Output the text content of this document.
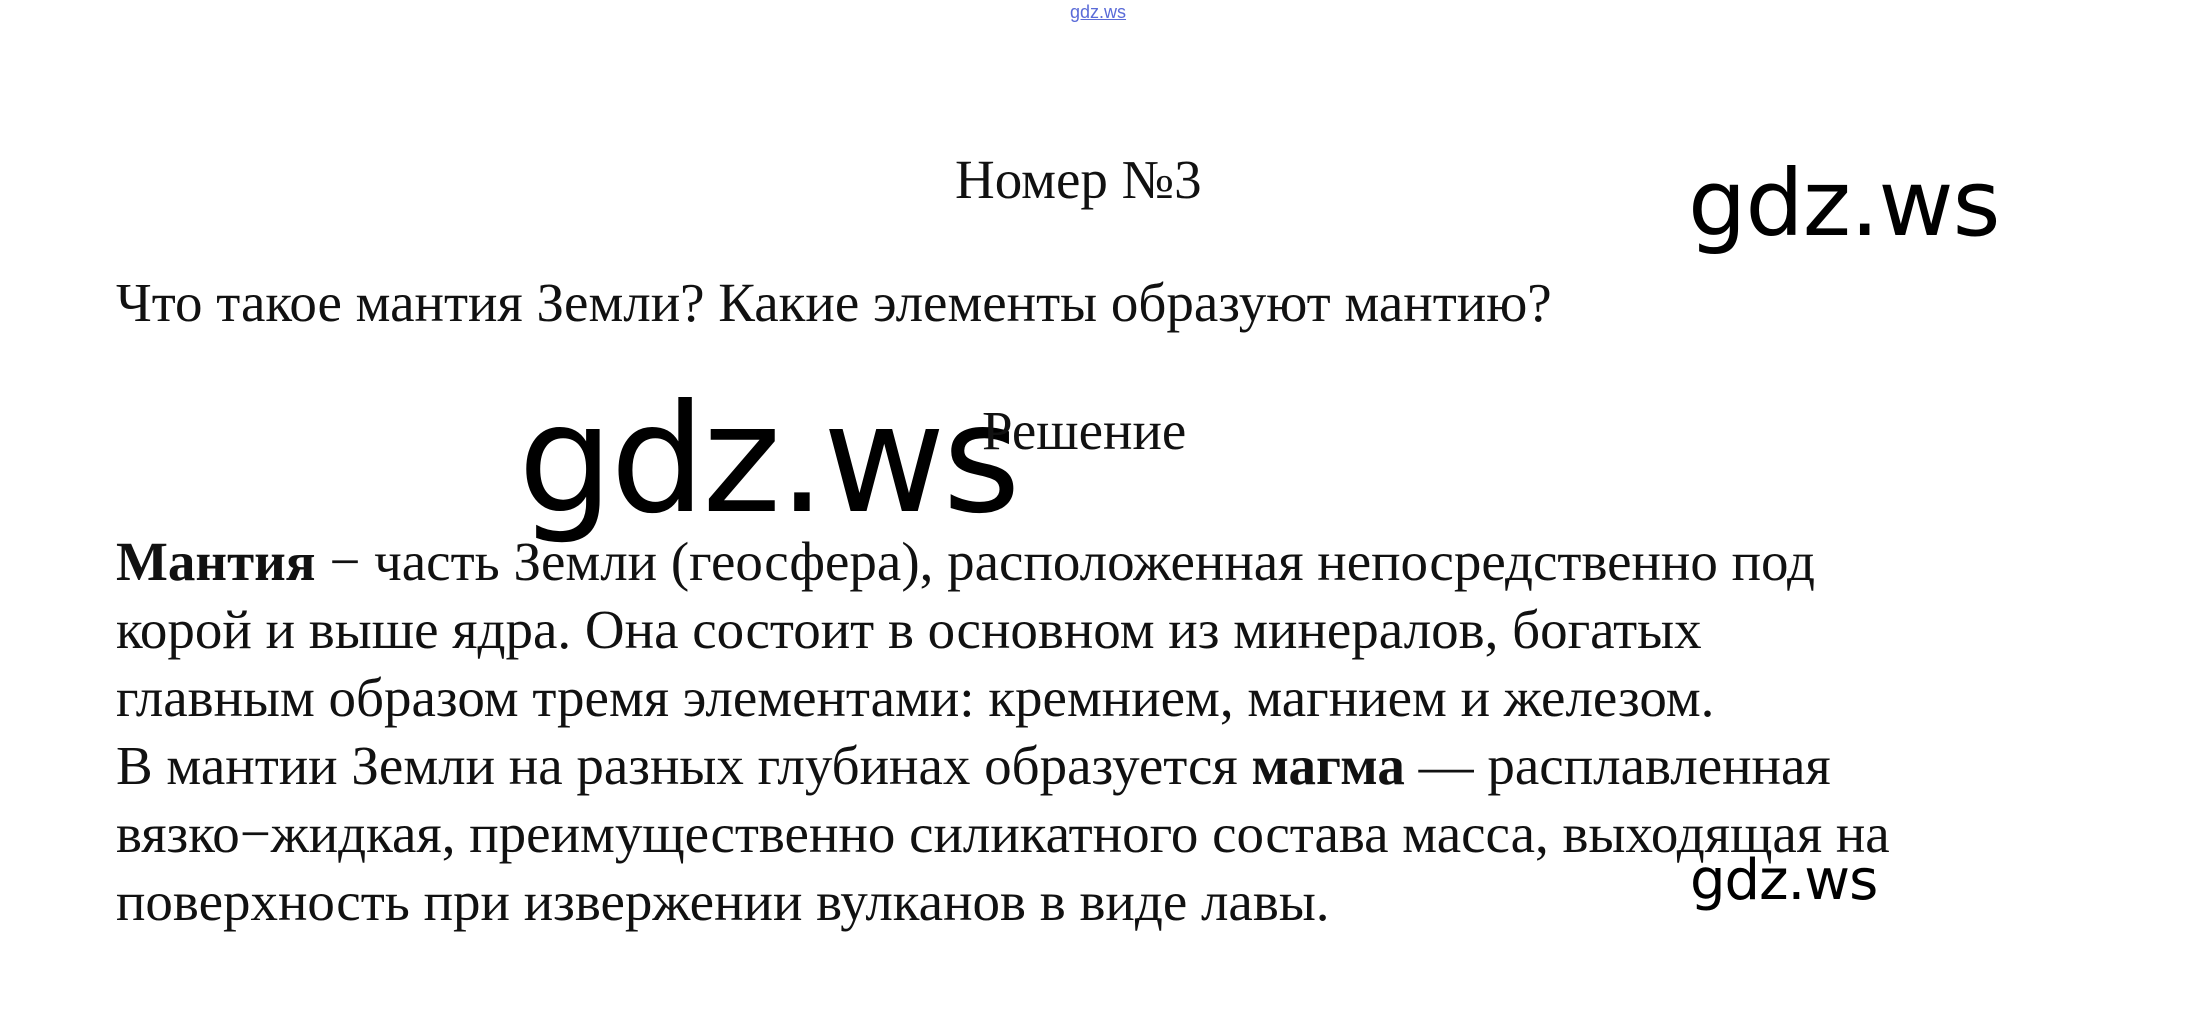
gdz.ws
Номер №3	gdz.ws
Что такое мантия Земли? Какие элементы образуют мантию?
gdz.ws
Решение
Мантия − часть Земли (геосфера), расположенная непосредственно под
корой и выше ядра. Она состоит в основном из минералов, богатых
главным образом тремя элементами: кремнием, магнием и железом.
В мантии Земли на разных глубинах образуется магма — расплавленная
вязко−жидкая, преимущественно силикатного состава масса, выходящая на
поверхность при извержении вулканов в виде лавы.	gdz.ws
